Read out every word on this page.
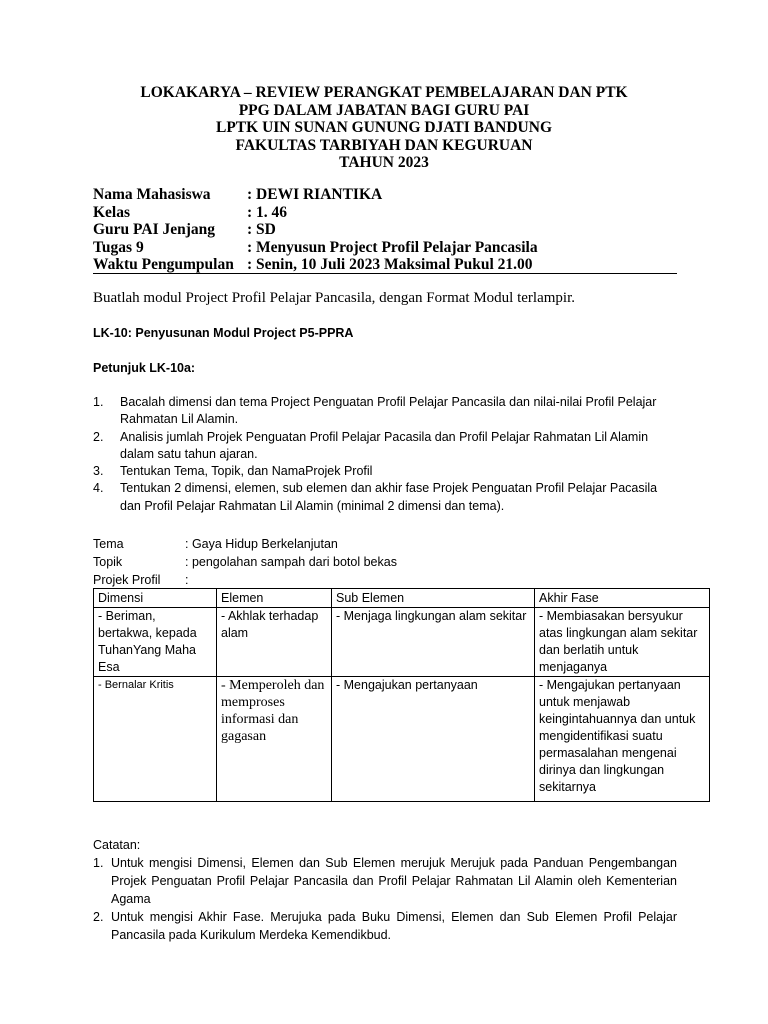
LOKAKARYA – REVIEW PERANGKAT PEMBELAJARAN DAN PTK
PPG DALAM JABATAN BAGI GURU PAI
LPTK UIN SUNAN GUNUNG DJATI BANDUNG
FAKULTAS TARBIYAH DAN KEGURUAN
TAHUN 2023
Nama Mahasiswa	: DEWI RIANTIKA
Kelas	: 1. 46
Guru PAI Jenjang	: SD
Tugas 9	: Menyusun Project Profil Pelajar Pancasila
Waktu Pengumpulan : Senin, 10 Juli 2023 Maksimal Pukul 21.00
Buatlah modul Project Profil Pelajar Pancasila, dengan Format Modul terlampir.
LK-10: Penyusunan Modul Project P5-PPRA
Petunjuk LK-10a:
1.	Bacalah dimensi dan tema Project Penguatan Profil Pelajar Pancasila dan nilai-nilai Profil Pelajar Rahmatan Lil Alamin.
2.	Analisis jumlah Projek Penguatan Profil Pelajar Pacasila dan Profil Pelajar Rahmatan Lil Alamin dalam satu tahun ajaran.
3.	Tentukan Tema, Topik, dan NamaProjek Profil
4.	Tentukan 2 dimensi, elemen, sub elemen dan akhir fase Projek Penguatan Profil Pelajar Pacasila dan Profil Pelajar Rahmatan Lil Alamin (minimal 2 dimensi dan tema).
Tema	: Gaya Hidup Berkelanjutan
Topik	: pengolahan sampah dari botol bekas
Projek Profil	:
Dimensi	Elemen	Sub Elemen	Akhir Fase
- Beriman, bertakwa, kepada TuhanYang Maha Esa	- Akhlak terhadap alam	- Menjaga lingkungan alam sekitar	- Membiasakan bersyukur atas lingkungan alam sekitar dan berlatih untuk menjaganya
- Bernalar Kritis	- Memperoleh dan memproses informasi dan gagasan	- Mengajukan pertanyaan	- Mengajukan pertanyaan untuk menjawab keingintahuannya dan untuk mengidentifikasi suatu permasalahan mengenai dirinya dan lingkungan sekitarnya
Catatan:
1. Untuk mengisi Dimensi, Elemen dan Sub Elemen merujuk Merujuk pada Panduan Pengembangan Projek Penguatan Profil Pelajar Pancasila dan Profil Pelajar Rahmatan Lil Alamin oleh Kementerian Agama
2. Untuk mengisi Akhir Fase. Merujuka pada Buku Dimensi, Elemen dan Sub Elemen Profil Pelajar Pancasila pada Kurikulum Merdeka Kemendikbud.
